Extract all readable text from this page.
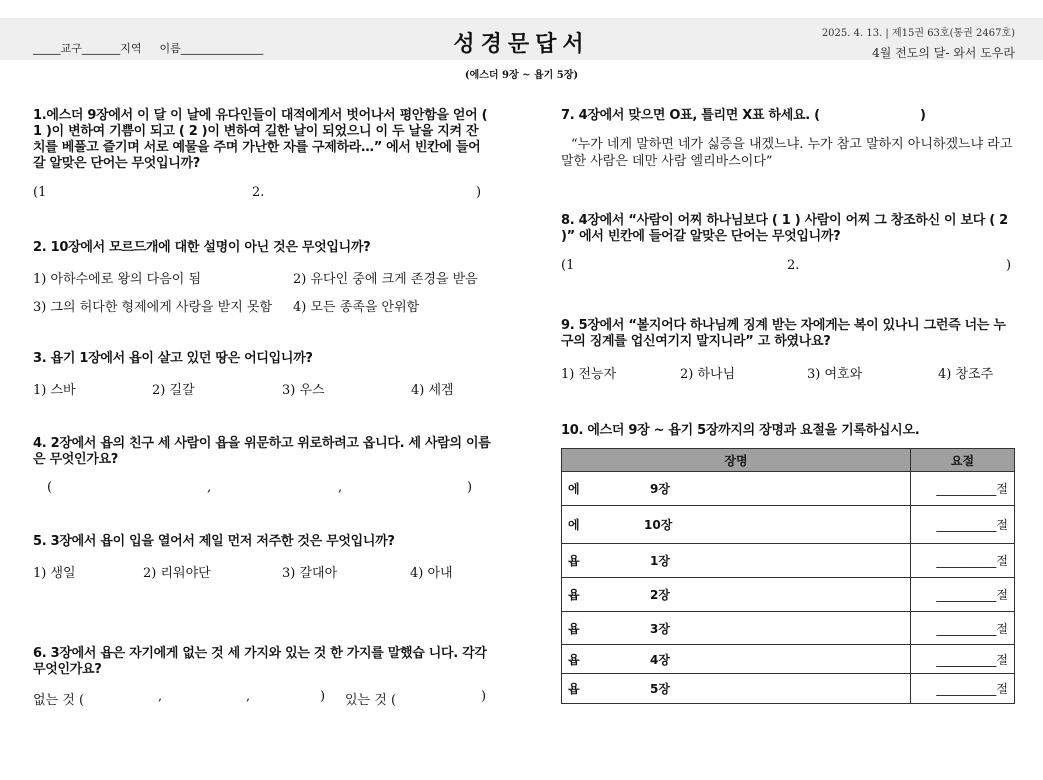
_____교구_______지역 　 이름_______________	성경문답서	2025. 4. 13. | 제15권 63호(통권 2467호)
4월 전도의 달- 와서 도우라
(에스더 9장 ~ 욥기 5장)
1.에스더 9장에서 이 달 이 날에 유다인들이 대적에게서 벗어나서 평안함을 얻어 ( 1 )이 변하여 기쁨이 되고 ( 2 )이 변하여 길한 날이 되었으니 이 두 날을 지켜 잔치를 베풀고 즐기며 서로 예물을 주며 가난한 자를 구제하라…” 에서 빈칸에 들어갈 알맞은 단어는 무엇입니까?
(1	2.	)
2. 10장에서 모르드개에 대한 설명이 아닌 것은 무엇입니까?
1) 아하수에로 왕의 다음이 됨	2) 유다인 중에 크게 존경을 받음
3) 그의 허다한 형제에게 사랑을 받지 못함 4) 모든 종족을 안위함
3. 욥기 1장에서 욥이 살고 있던 땅은 어디입니까?
1) 스바	2) 길갈	3) 우스	4) 세겜
4. 2장에서 욥의 친구 세 사람이 욥을 위문하고 위로하려고 옵니다. 세 사람의 이름은 무엇인가요?
(	,	,	)
5. 3장에서 욥이 입을 열어서 제일 먼저 저주한 것은 무엇입니까?
1) 생일	2) 리워야단	3) 갈대아	4) 아내
6. 3장에서 욥은 자기에게 없는 것 세 가지와 있는 것 한 가지를 말했습 니다. 각각 무엇인가요?
없는 것 (	,	,	) 있는 것 (	)
7. 4장에서 맞으면 O표, 틀리면 X표 하세요. (	)
“누가 네게 말하면 네가 싫증을 내겠느냐. 누가 참고 말하지 아니하겠느냐 라고 말한 사람은 데만 사람 엘리바스이다”
8. 4장에서 “사람이 어찌 하나님보다 ( 1 ) 사람이 어찌 그 창조하신 이 보다 ( 2 )” 에서 빈칸에 들어갈 알맞은 단어는 무엇입니까?
(1	2.	)
9. 5장에서 “볼지어다 하나님께 징계 받는 자에게는 복이 있나니 그런즉 너는 누구의 징계를 업신여기지 말지니라” 고 하였나요?
1) 전능자	2) 하나님	3) 여호와	4) 창조주
10. 에스더 9장 ~ 욥기 5장까지의 장명과 요절을 기록하십시오.
장명	요절
에 9장	__________절
에 10장	__________절
욥 1장	__________절
욥 2장	__________절
욥 3장	__________절
욥 4장	__________절
욥 5장	__________절
